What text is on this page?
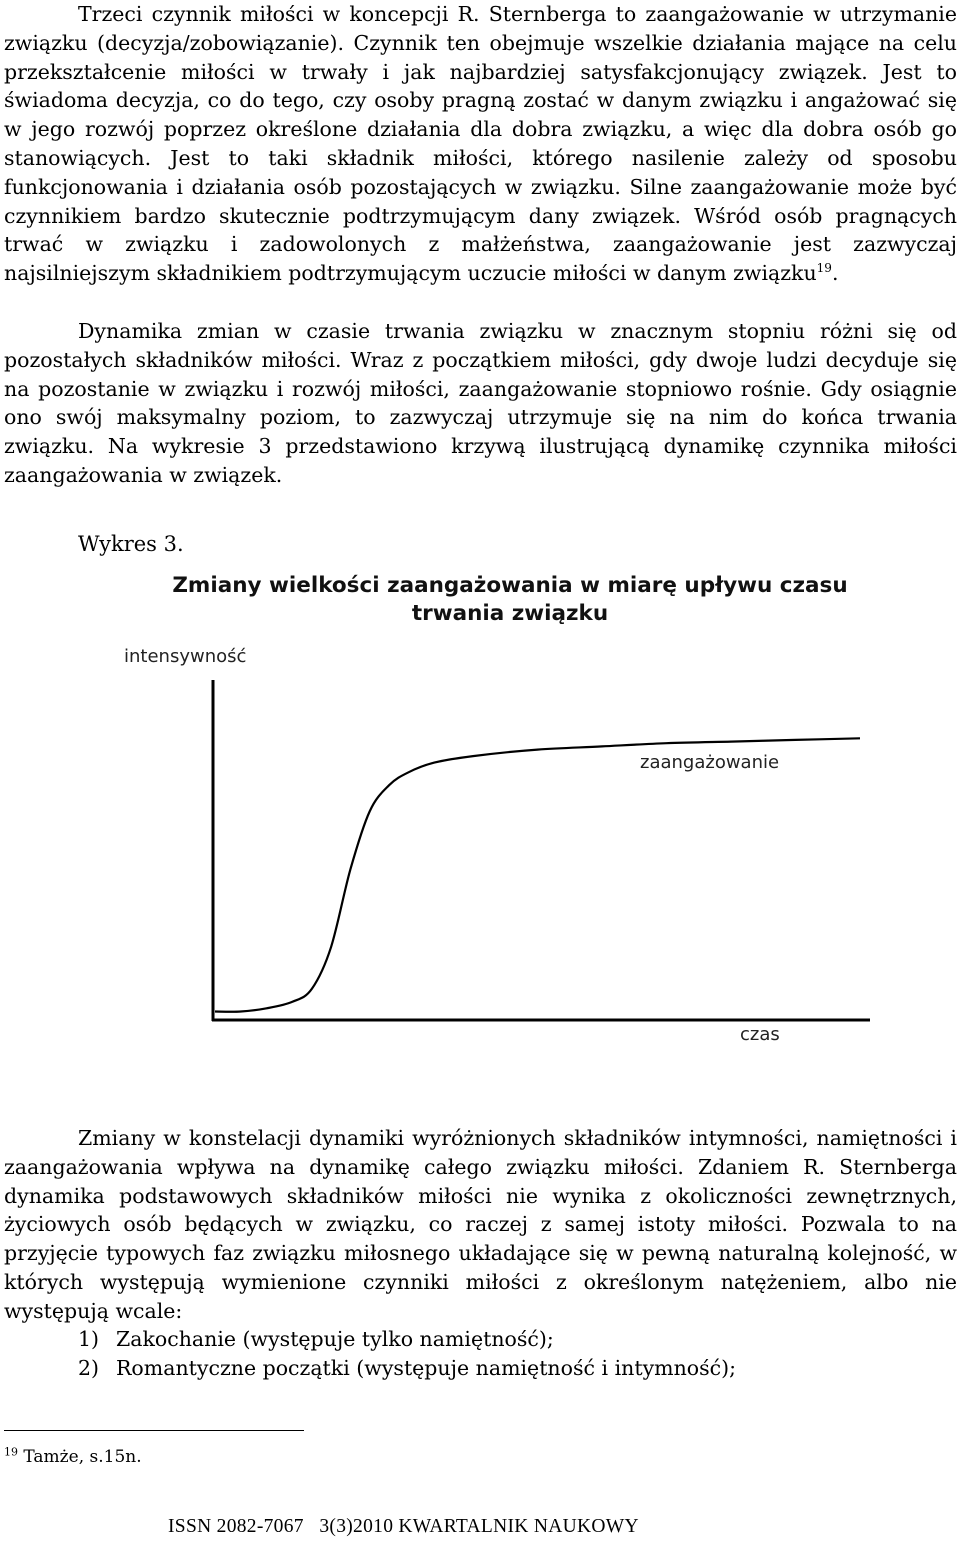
Trzeci czynnik miłości w koncepcji R. Sternberga to zaangażowanie w utrzymanie związku (decyzja/zobowiązanie). Czynnik ten obejmuje wszelkie działania mające na celu przekształcenie miłości w trwały i jak najbardziej satysfakcjonujący związek. Jest to świadoma decyzja, co do tego, czy osoby pragną zostać w danym związku i angażować się w jego rozwój poprzez określone działania dla dobra związku, a więc dla dobra osób go stanowiących. Jest to taki składnik miłości, którego nasilenie zależy od sposobu funkcjonowania i działania osób pozostających w związku. Silne zaangażowanie może być czynnikiem bardzo skutecznie podtrzymującym dany związek. Wśród osób pragnących trwać w związku i zadowolonych z małżeństwa, zaangażowanie jest zazwyczaj najsilniejszym składnikiem podtrzymującym uczucie miłości w danym związku$^{19}$.

Dynamika zmian w czasie trwania związku w znacznym stopniu różni się od pozostałych składników miłości. Wraz z początkiem miłości, gdy dwoje ludzi decyduje się na pozostanie w związku i rozwój miłości, zaangażowanie stopniowo rośnie. Gdy osiągnie ono swój maksymalny poziom, to zazwyczaj utrzymuje się na nim do końca trwania związku. Na wykresie 3 przedstawiono krzywą ilustrującą dynamikę czynnika miłości zaangażowania w związek.

Wykres 3.
Zmiany wielkości zaangażowania w miarę upływu czasu
trwania związku
intensywność
zaangażowanie
czas

Zmiany w konstelacji dynamiki wyróżnionych składników intymności, namiętności i zaangażowania wpływa na dynamikę całego związku miłości. Zdaniem R. Sternberga dynamika podstawowych składników miłości nie wynika z okoliczności zewnętrznych, życiowych osób będących w związku, co raczej z samej istoty miłości. Pozwala to na przyjęcie typowych faz związku miłosnego układające się w pewną naturalną kolejność, w których występują wymienione czynniki miłości z określonym natężeniem, albo nie występują wcale:

1) Zakochanie (występuje tylko namiętność);
2) Romantyczne początki (występuje namiętność i intymność);
$^{19}$ Tamże, s.15n.
ISSN 2082-7067   3(3)2010 KWARTALNIK NAUKOWY
